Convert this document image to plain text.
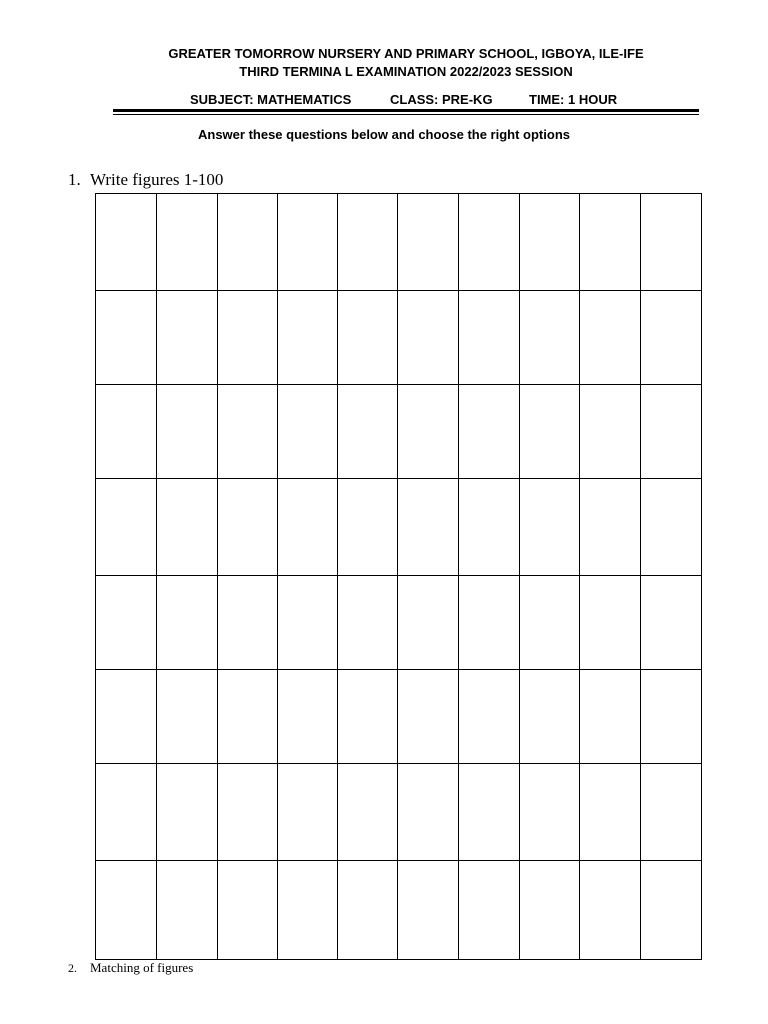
GREATER TOMORROW NURSERY AND PRIMARY SCHOOL, IGBOYA, ILE-IFE
THIRD TERMINA L EXAMINATION 2022/2023 SESSION
SUBJECT: MATHEMATICS	CLASS: PRE-KG	TIME: 1 HOUR
Answer these questions below and choose the right options
1. Write figures 1-100

2. Matching of figures
